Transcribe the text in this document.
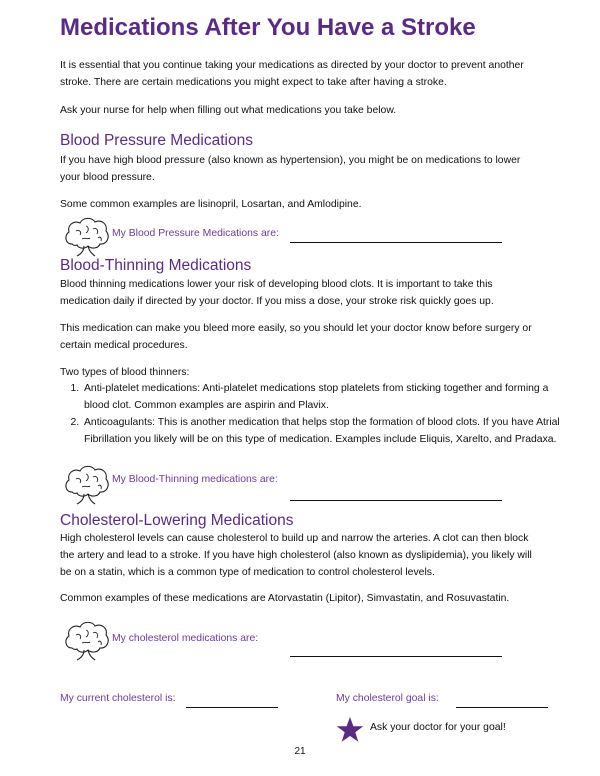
Medications After You Have a Stroke

It is essential that you continue taking your medications as directed by your doctor to prevent another stroke. There are certain medications you might expect to take after having a stroke.

Ask your nurse for help when filling out what medications you take below.

Blood Pressure Medications

If you have high blood pressure (also known as hypertension), you might be on medications to lower your blood pressure.

Some common examples are lisinopril, Losartan, and Amlodipine.

My Blood Pressure Medications are:
Blood-Thinning Medications

Blood thinning medications lower your risk of developing blood clots. It is important to take this medication daily if directed by your doctor. If you miss a dose, your stroke risk quickly goes up.

This medication can make you bleed more easily, so you should let your doctor know before surgery or certain medical procedures.

Two types of blood thinners:

1. Anti-platelet medications: Anti-platelet medications stop platelets from sticking together and forming a blood clot. Common examples are aspirin and Plavix.
2. Anticoagulants: This is another medication that helps stop the formation of blood clots. If you have Atrial Fibrillation you likely will be on this type of medication. Examples include Eliquis, Xarelto, and Pradaxa.
My Blood-Thinning medications are:
Cholesterol-Lowering Medications

High cholesterol levels can cause cholesterol to build up and narrow the arteries. A clot can then block the artery and lead to a stroke. If you have high cholesterol (also known as dyslipidemia), you likely will be on a statin, which is a common type of medication to control cholesterol levels.

Common examples of these medications are Atorvastatin (Lipitor), Simvastatin, and Rosuvastatin.

My cholesterol medications are:
My current cholesterol is:	My cholesterol goal is:
Ask your doctor for your goal!
21
